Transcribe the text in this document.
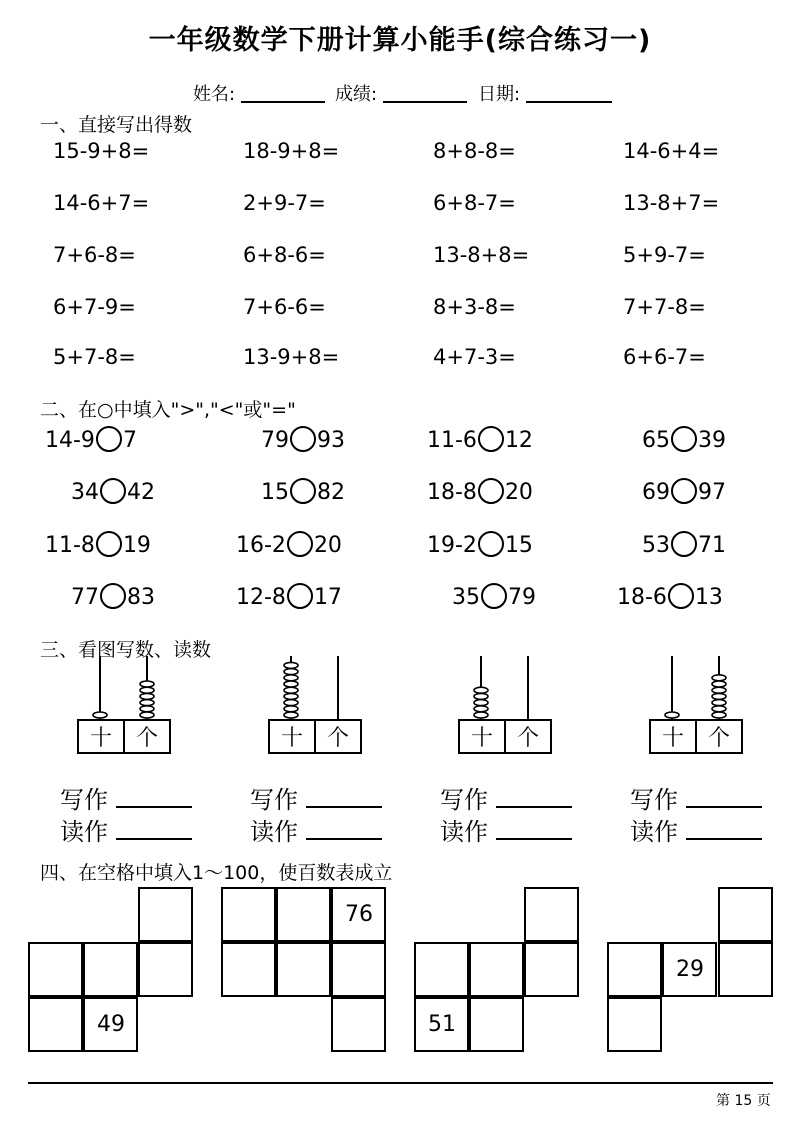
一年级数学下册计算小能手(综合练习一)
姓名:	成绩:	日期:
一、直接写出得数
15-9+8=	18-9+8=	8+8-8=	14-6+4=
14-6+7=	2+9-7=	6+8-7=	13-8+7=
7+6-8=	6+8-6=	13-8+8=	5+9-7=
6+7-9=	7+6-6=	8+3-8=	7+7-8=
5+7-8=	13-9+8=	4+7-3=	6+6-7=
二、在○中填入">","<"或"="
14-9 7	79 93	11-6 12	65 39
34 42	15 82	18-8 20	69 97
11-8 19	16-2 20	19-2 15	53 71
77 83	12-8 17	35 79	18-6 13
三、看图写数、读数
十 个	十 个	十 个	十 个
写作	写作	写作	写作
读作	读作	读作	读作
四、在空格中填入1～100，使百数表成立
49
76
51
29
第 15 页
